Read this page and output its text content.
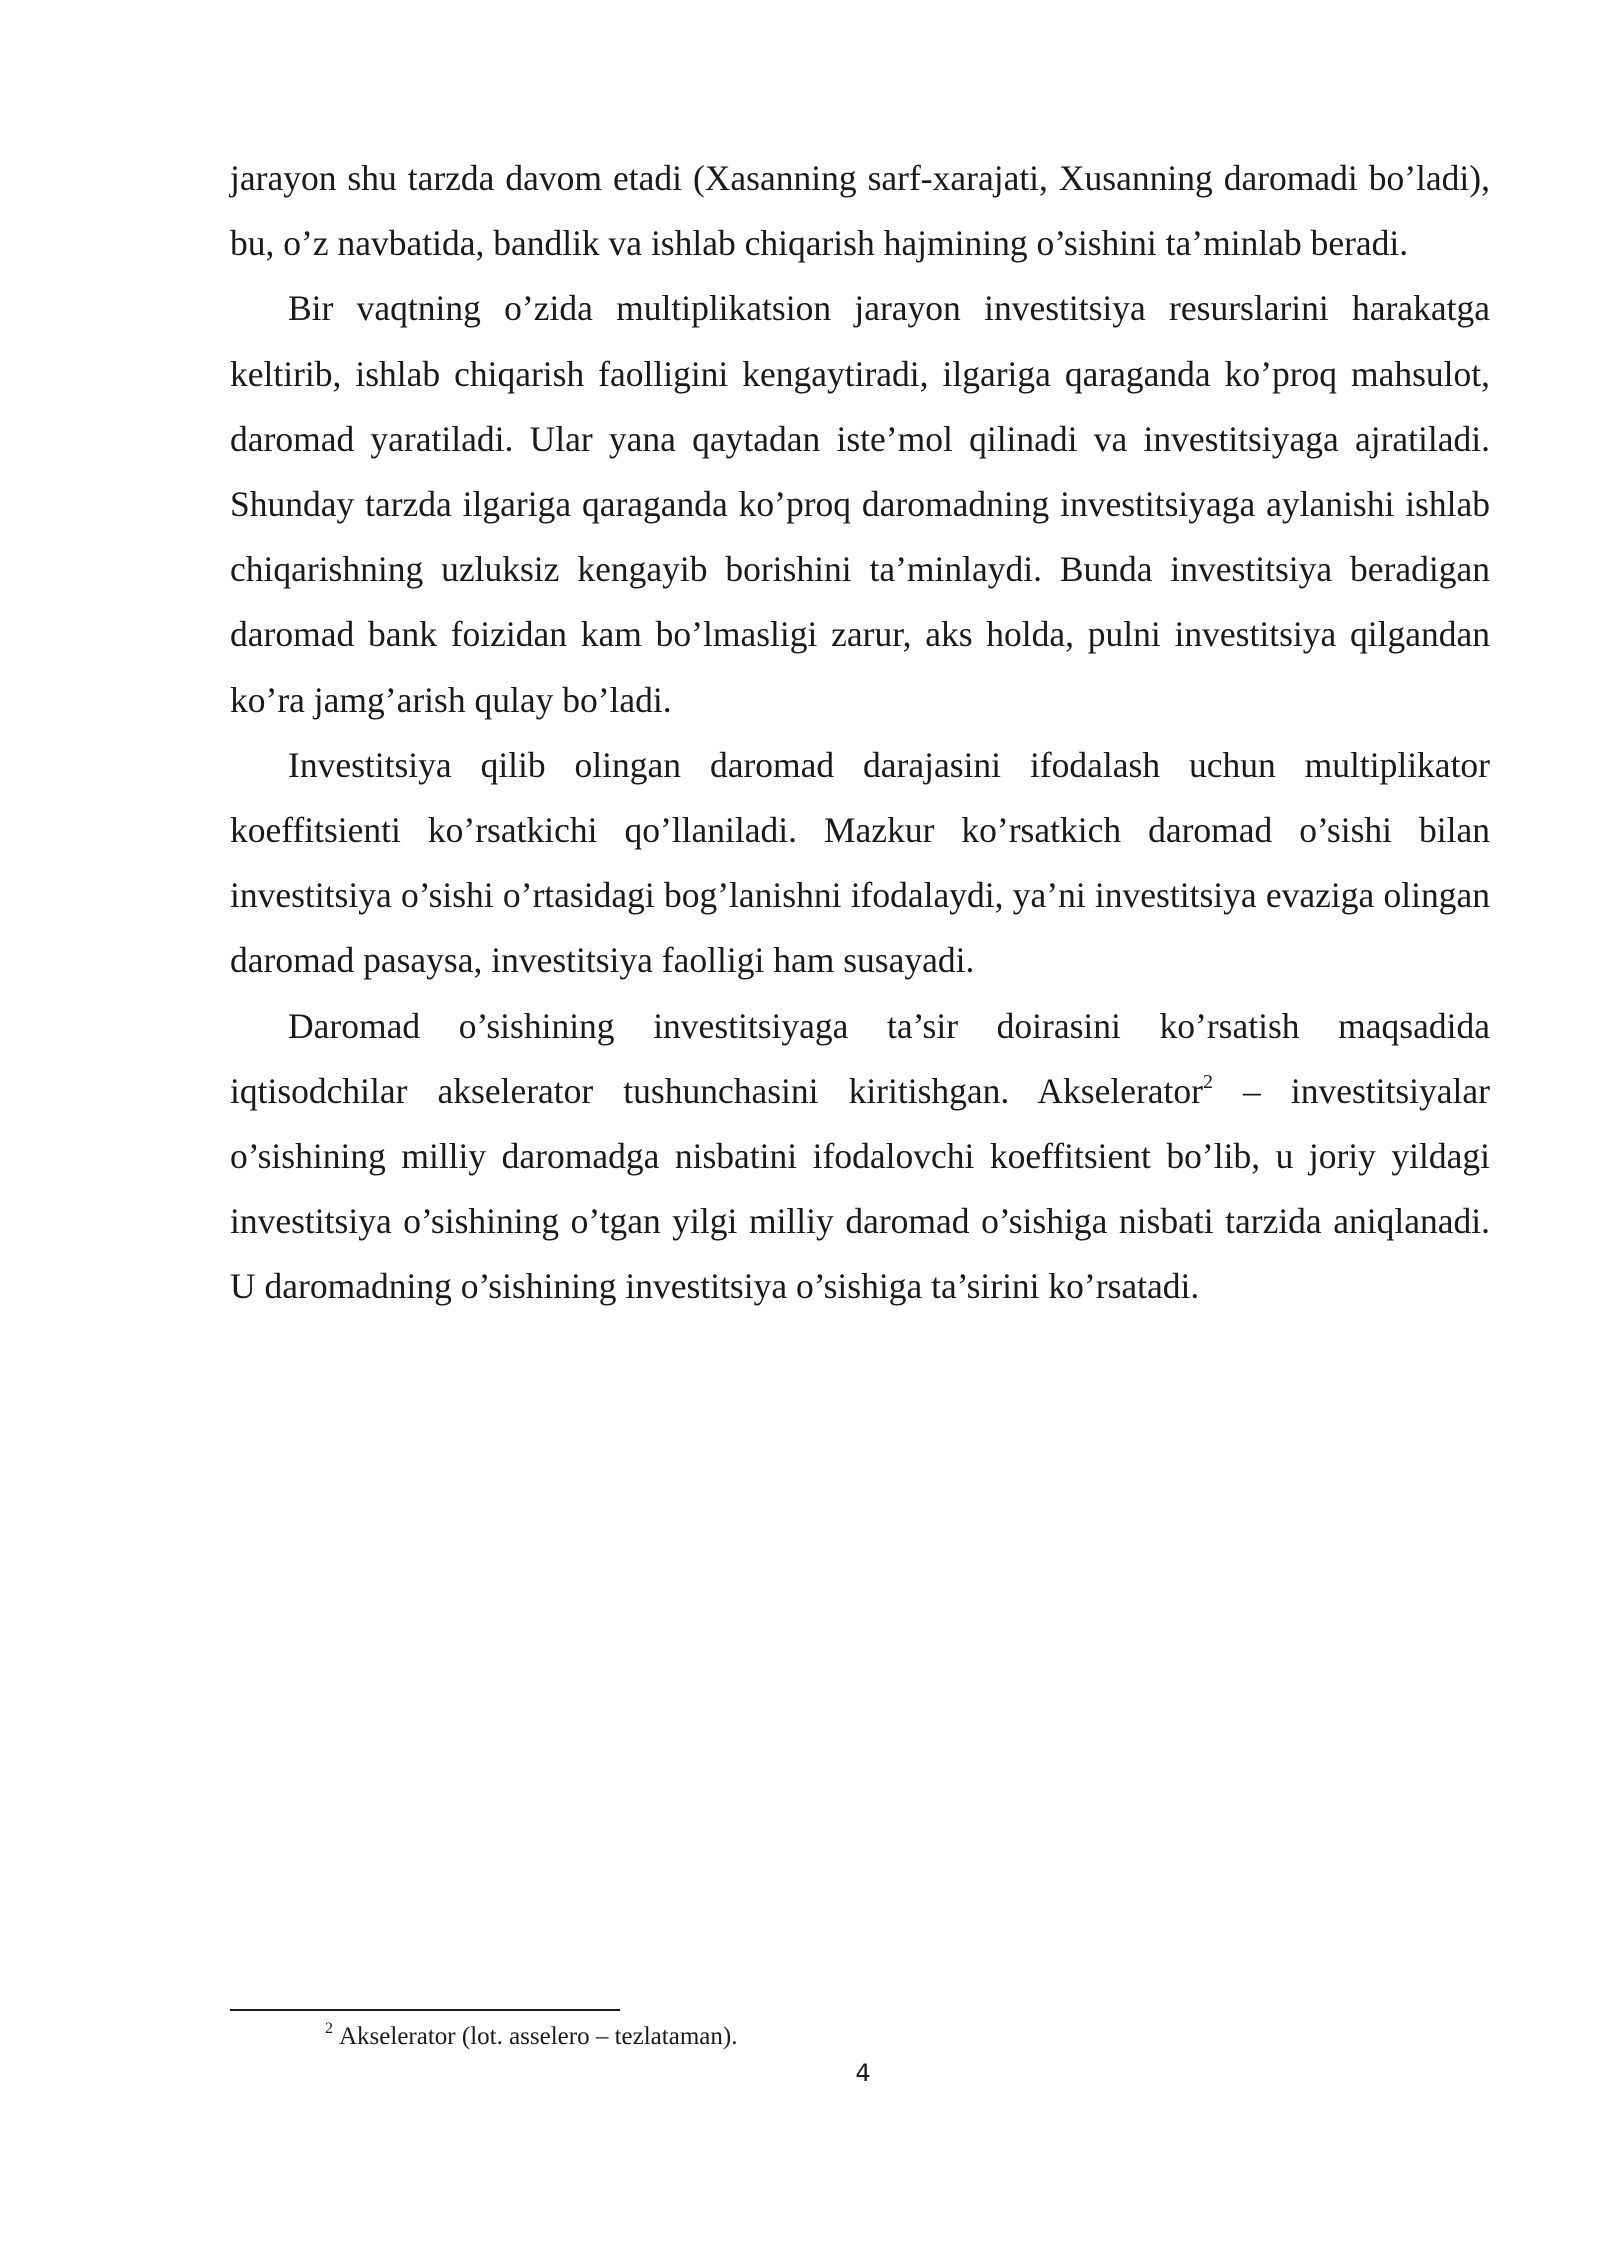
jarayon shu tarzda davom etadi (Xasanning sarf-xarajati, Xusanning daromadi bo’ladi), bu, o’z navbatida, bandlik va ishlab chiqarish hajmining o’sishini ta’minlab beradi.

Bir vaqtning o’zida multiplikatsion jarayon investitsiya resurslarini harakatga keltirib, ishlab chiqarish faolligini kengaytiradi, ilgariga qaraganda ko’proq mahsulot, daromad yaratiladi. Ular yana qaytadan iste’mol qilinadi va investitsiyaga ajratiladi. Shunday tarzda ilgariga qaraganda ko’proq daromadning investitsiyaga aylanishi ishlab chiqarishning uzluksiz kengayib borishini ta’minlaydi. Bunda investitsiya beradigan daromad bank foizidan kam bo’lmasligi zarur, aks holda, pulni investitsiya qilgandan ko’ra jamg’arish qulay bo’ladi.

Investitsiya qilib olingan daromad darajasini ifodalash uchun multiplikator koeffitsienti ko’rsatkichi qo’llaniladi. Mazkur ko’rsatkich daromad o’sishi bilan investitsiya o’sishi o’rtasidagi bog’lanishni ifodalaydi, ya’ni investitsiya evaziga olingan daromad pasaysa, investitsiya faolligi ham susayadi.

Daromad o’sishining investitsiyaga ta’sir doirasini ko’rsatish maqsadida iqtisodchilar akselerator tushunchasini kiritishgan. Akselerator$^2$ – investitsiyalar o’sishining milliy daromadga nisbatini ifodalovchi koeffitsient bo’lib, u joriy yildagi investitsiya o’sishining o’tgan yilgi milliy daromad o’sishiga nisbati tarzida aniqlanadi. U daromadning o’sishining investitsiya o’sishiga ta’sirini ko’rsatadi.

$^2$ Akselerator (lot. asselero – tezlataman).
4
